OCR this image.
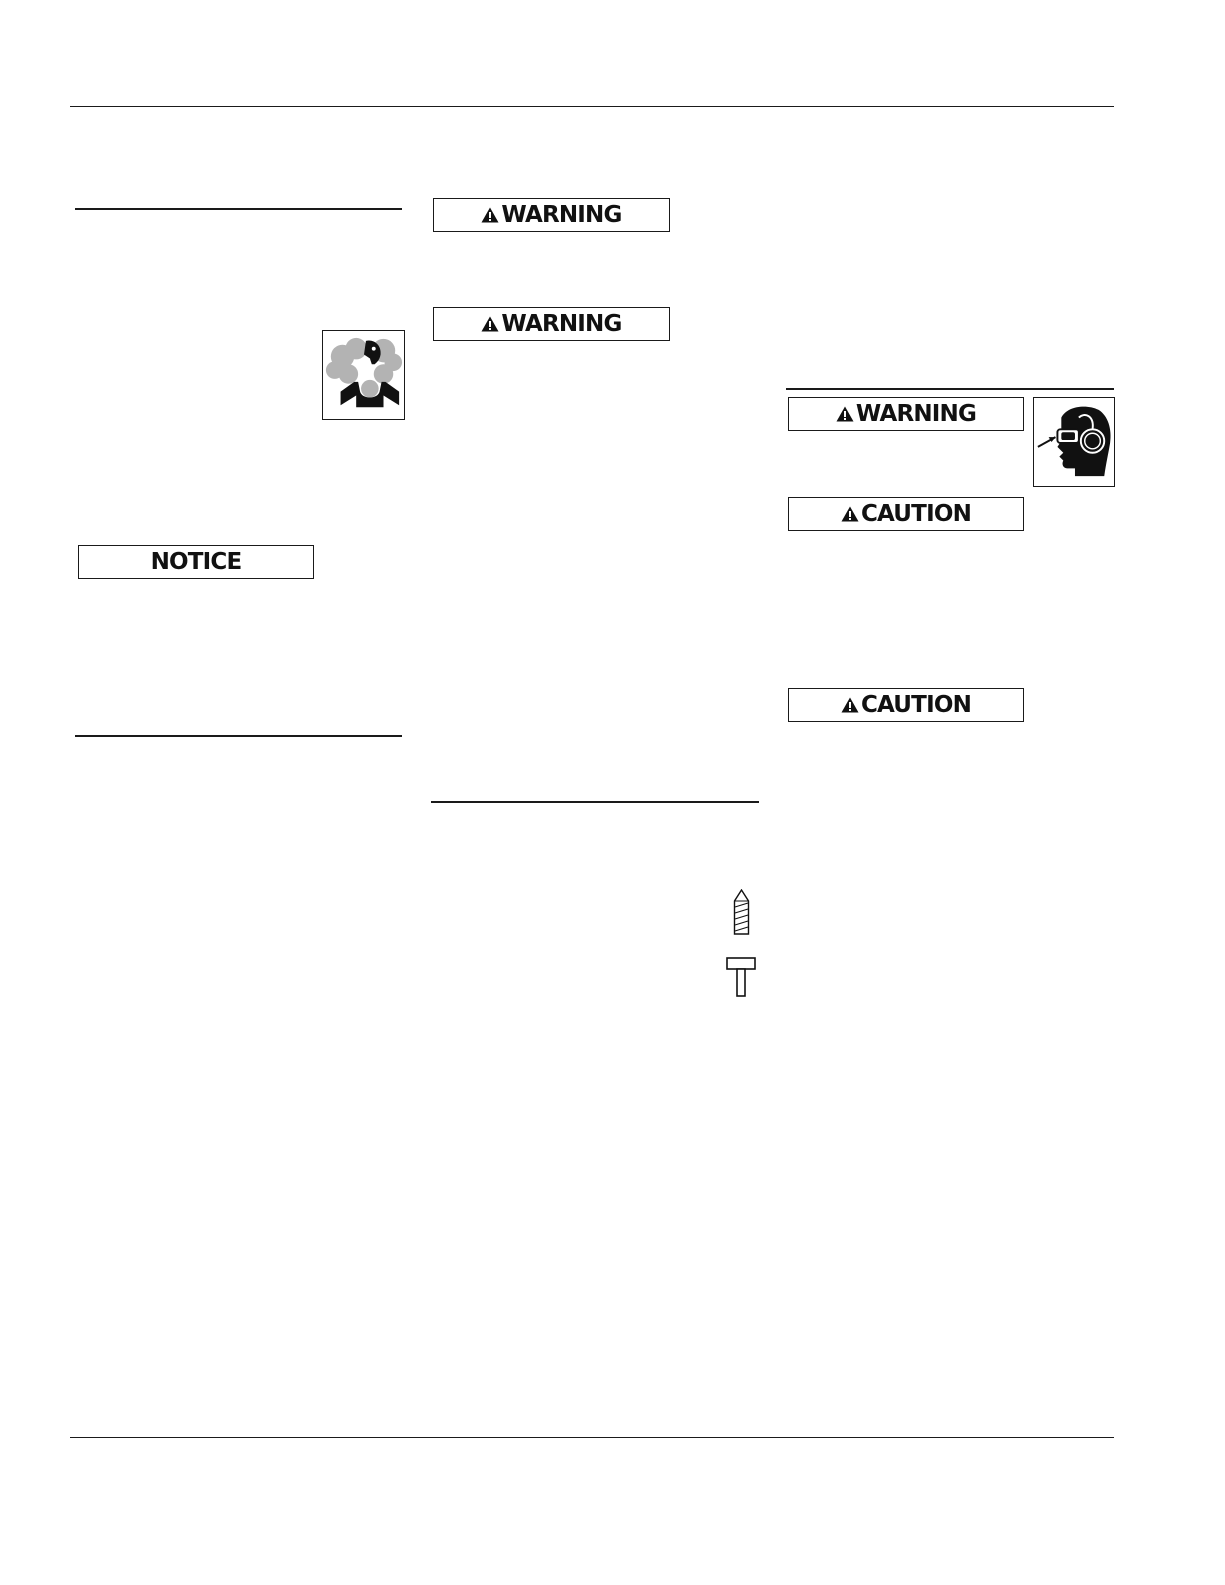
WARNING
WARNING
WARNING
CAUTION
CAUTION
NOTICE
